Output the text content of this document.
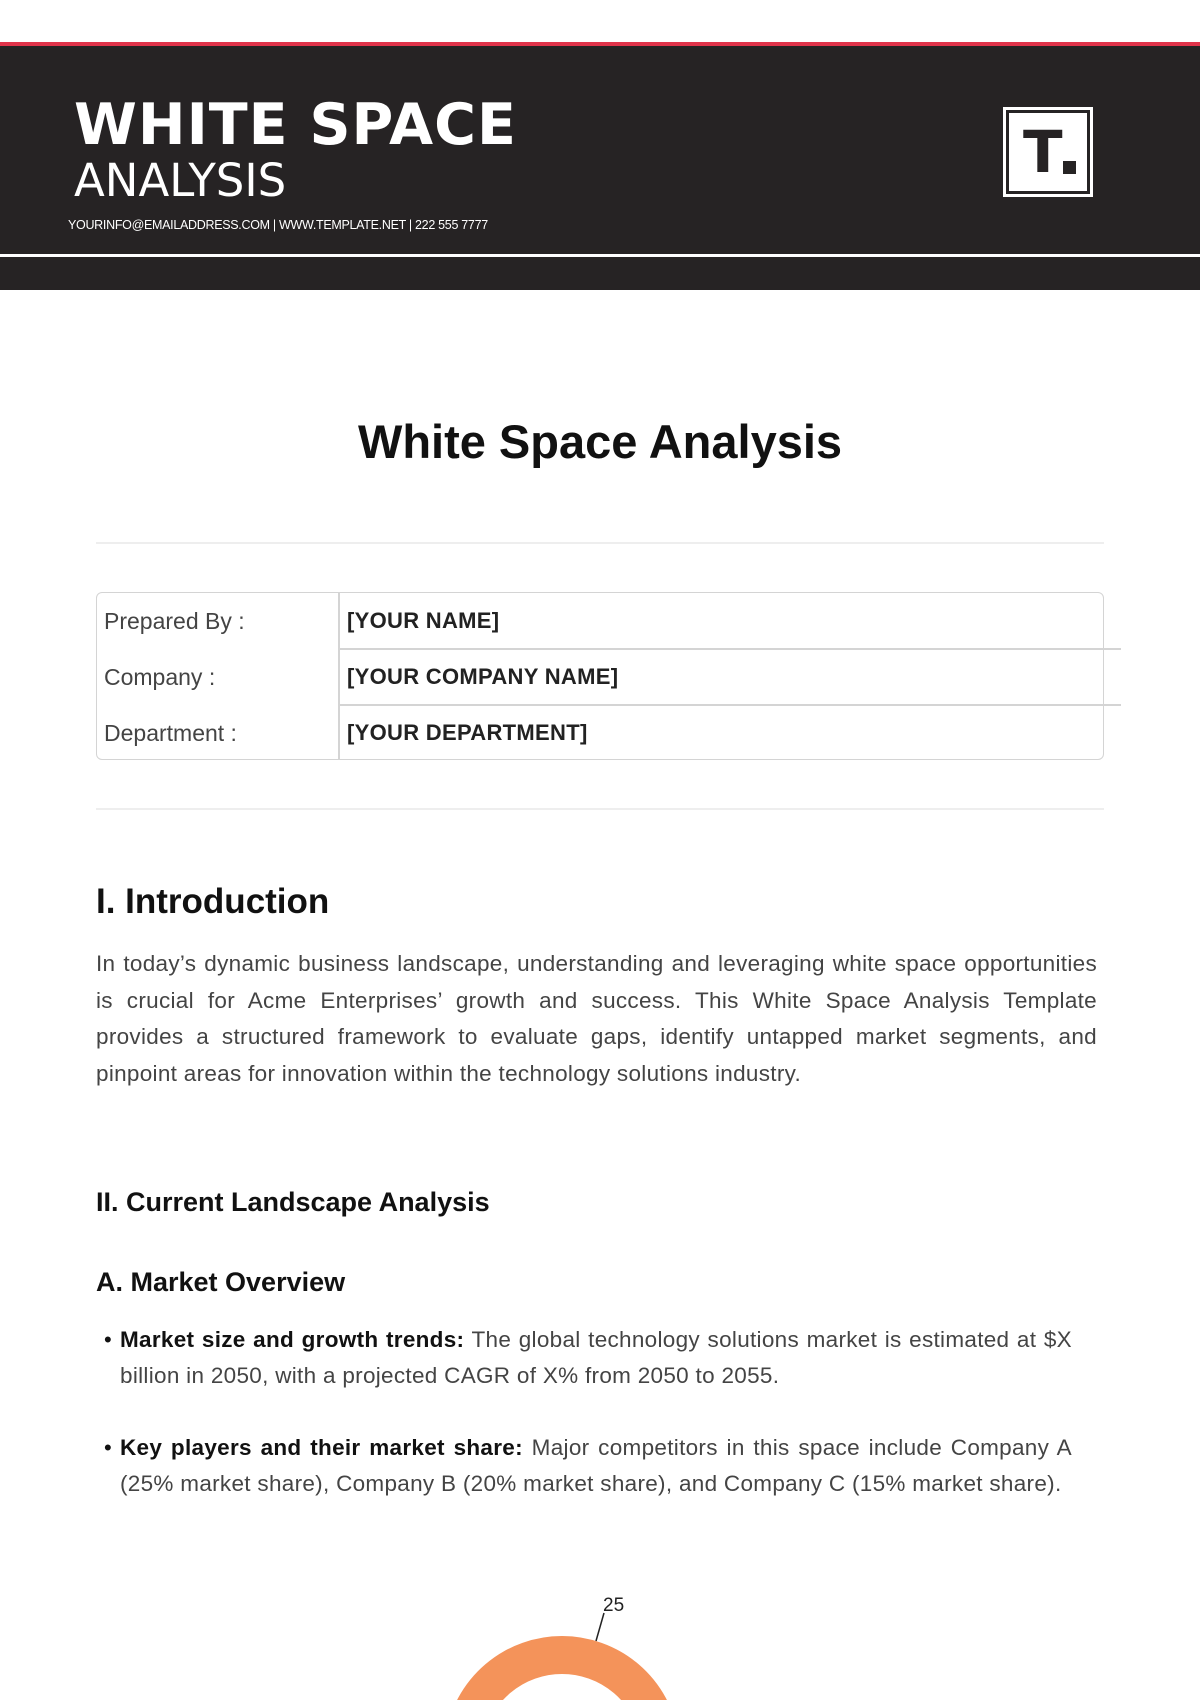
WHITE SPACE
ANALYSIS
YOURINFO@EMAILADDRESS.COM | WWW.TEMPLATE.NET | 222 555 7777
T
White Space Analysis
Prepared By :	[YOUR NAME]
Company :	[YOUR COMPANY NAME]
Department :	[YOUR DEPARTMENT]
I. Introduction

In today’s dynamic business landscape, understanding and leveraging white space opportunities is crucial for Acme Enterprises’ growth and success. This White Space Analysis Template provides a structured framework to evaluate gaps, identify untapped market segments, and pinpoint areas for innovation within the technology solutions industry.

II. Current Landscape Analysis
A. Market Overview
• Market size and growth trends: The global technology solutions market is estimated at $X billion in 2050, with a projected CAGR of X% from 2050 to 2055.

• Key players and their market share: Major competitors in this space include Company A (25% market share), Company B (20% market share), and Company C (15% market share).

25
